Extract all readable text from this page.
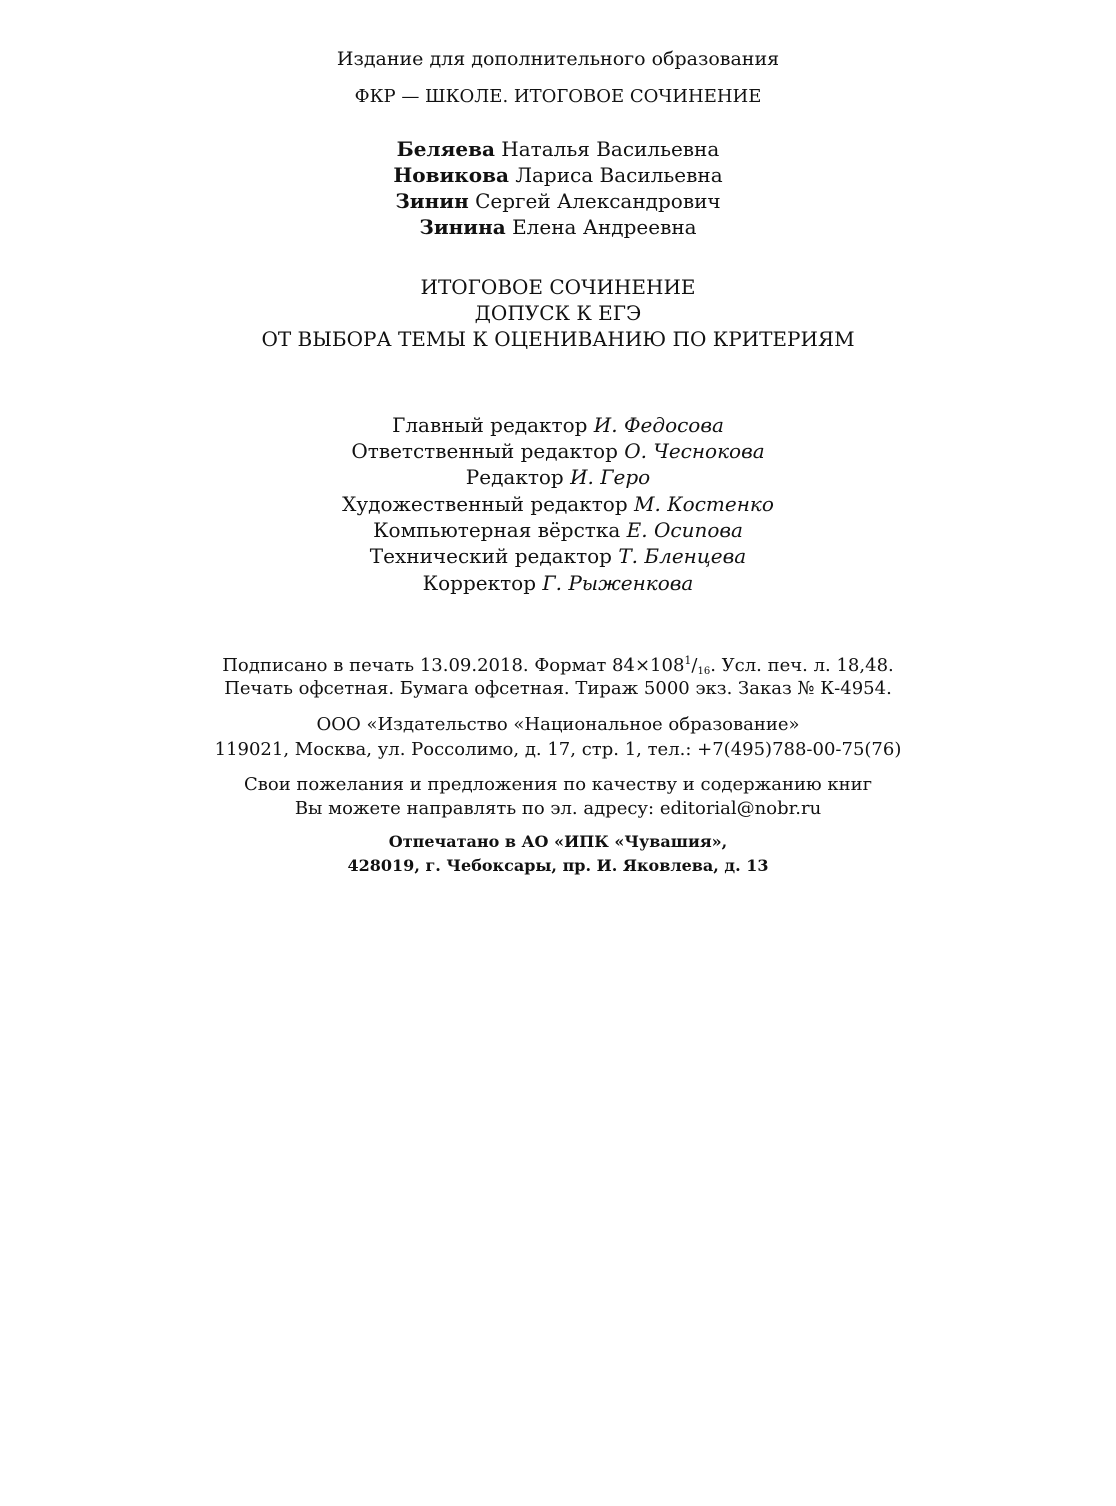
Издание для дополнительного образования
ФКР — ШКОЛЕ. ИТОГОВОЕ СОЧИНЕНИЕ
Беляева Наталья Васильевна
Новикова Лариса Васильевна
Зинин Сергей Александрович
Зинина Елена Андреевна
ИТОГОВОЕ СОЧИНЕНИЕ
ДОПУСК К ЕГЭ
ОТ ВЫБОРА ТЕМЫ К ОЦЕНИВАНИЮ ПО КРИТЕРИЯМ
Главный редактор И. Федосова
Ответственный редактор О. Чеснокова
Редактор И. Геро
Художественный редактор М. Костенко
Компьютерная вёрстка Е. Осипова
Технический редактор Т. Бленцева
Корректор Г. Рыженкова
Подписано в печать 13.09.2018. Формат $84\times 108^1/_{16}$. Усл. печ. л. 18,48.
Печать офсетная. Бумага офсетная. Тираж 5000 экз. Заказ № К-4954.
ООО «Издательство «Национальное образование»
119021, Москва, ул. Россолимо, д. 17, стр. 1, тел.: +7(495)788-00-75(76)
Свои пожелания и предложения по качеству и содержанию книг
Вы можете направлять по эл. адресу: editorial@nobr.ru
Отпечатано в АО «ИПК «Чувашия»,
428019, г. Чебоксары, пр. И. Яковлева, д. 13
